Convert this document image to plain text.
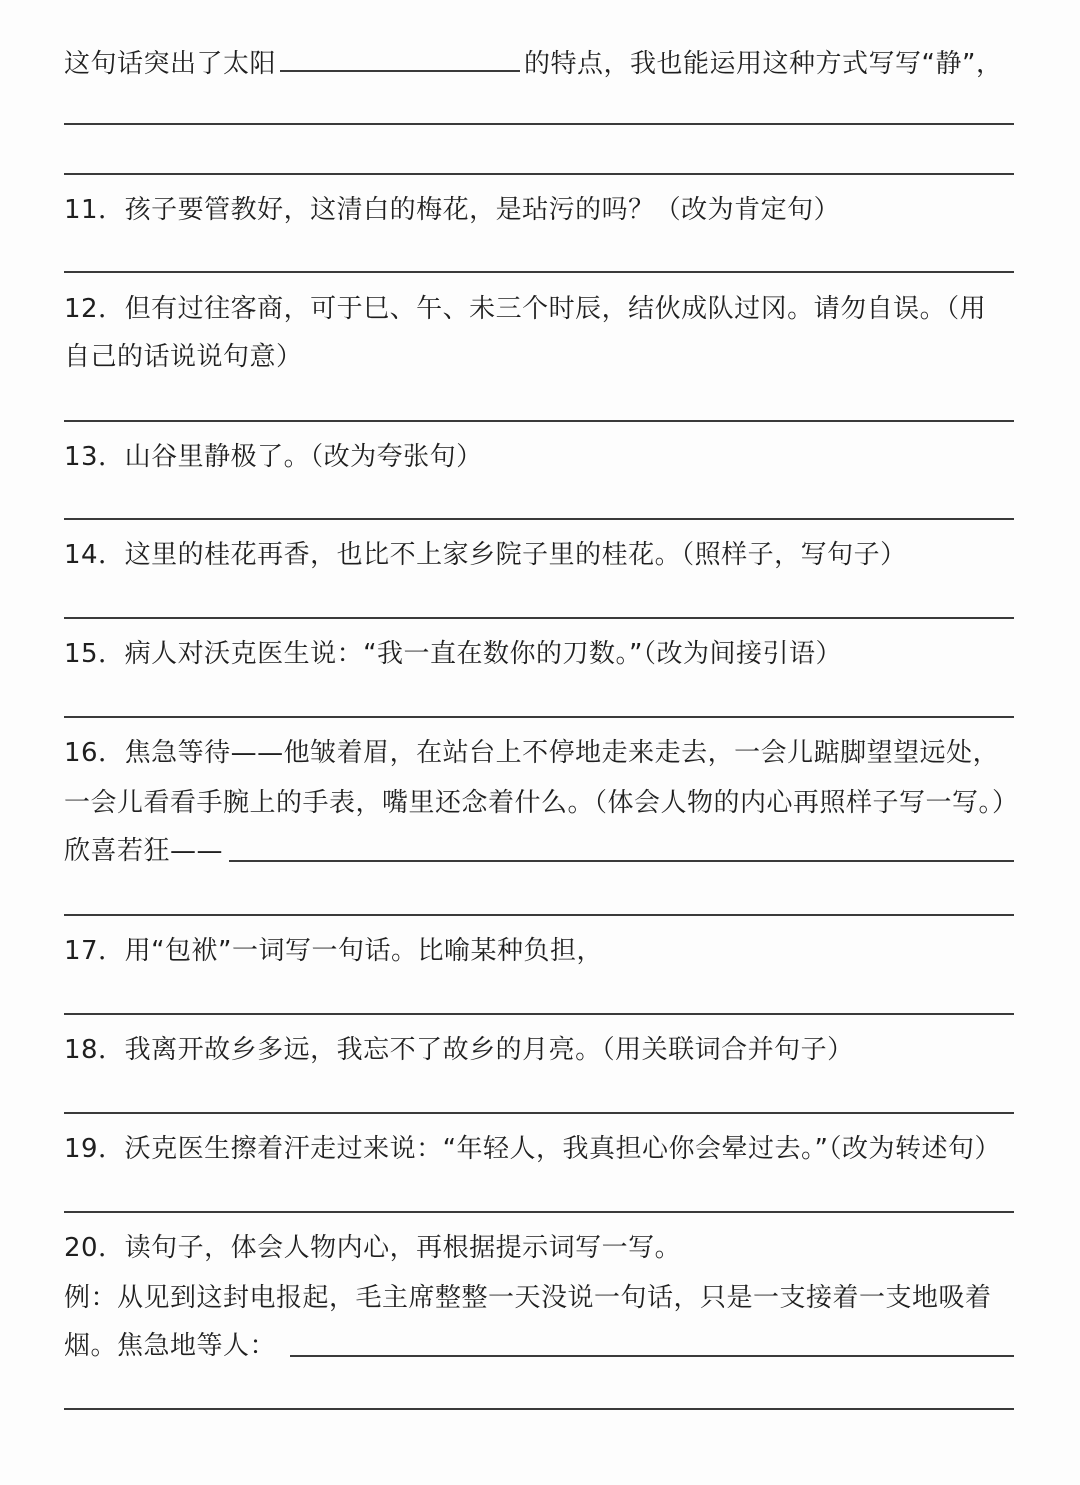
这句话突出了太阳	的特点，我也能运用这种方式写写“静”，
11．孩子要管教好，这清白的梅花，是玷污的吗？（改为肯定句）
12．但有过往客商，可于巳、午、未三个时辰，结伙成队过冈。请勿自误。（用
自己的话说说句意）
13．山谷里静极了。（改为夸张句）
14．这里的桂花再香，也比不上家乡院子里的桂花。（照样子，写句子）
15．病人对沃克医生说：“我一直在数你的刀数。”（改为间接引语）
16．焦急等待——他皱着眉，在站台上不停地走来走去，一会儿踮脚望望远处，
一会儿看看手腕上的手表，嘴里还念着什么。（体会人物的内心再照样子写一写。）
欣喜若狂——
17．用“包袱”一词写一句话。比喻某种负担，
18．我离开故乡多远，我忘不了故乡的月亮。（用关联词合并句子）
19．沃克医生擦着汗走过来说：“年轻人，我真担心你会晕过去。”（改为转述句）
20．读句子，体会人物内心，再根据提示词写一写。
例：从见到这封电报起，毛主席整整一天没说一句话，只是一支接着一支地吸着
烟。焦急地等人：
